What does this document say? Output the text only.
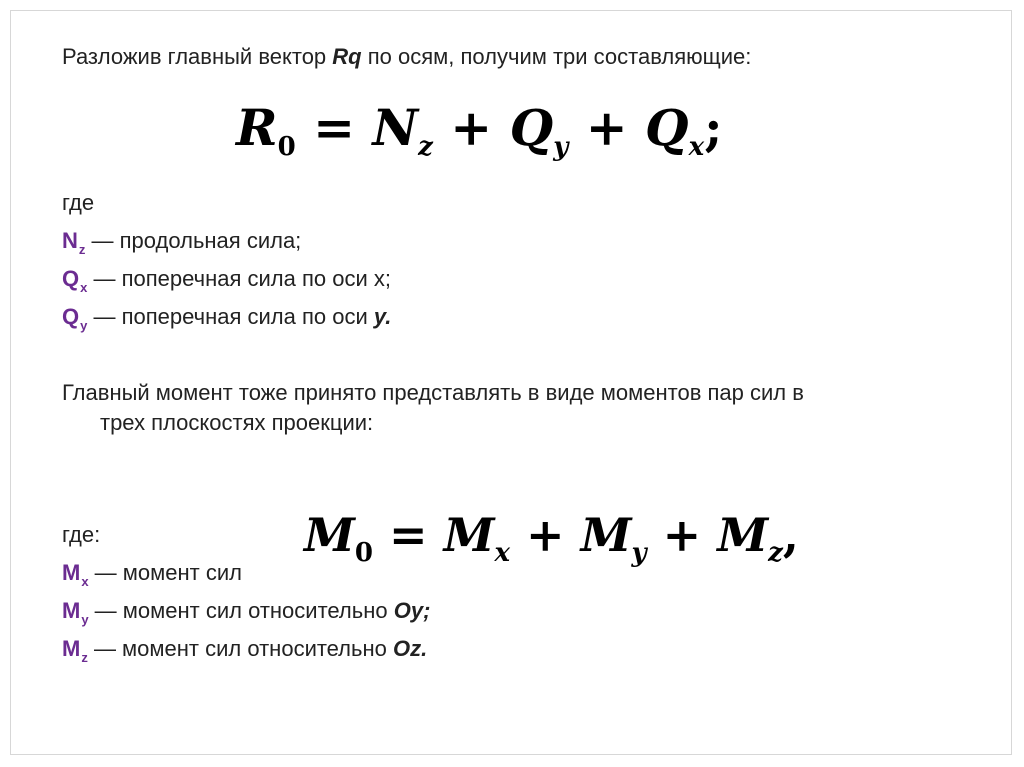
Разложив главный вектор Rq по осям, получим три составляющие:
$R_0 = N_z + Q_y + Q_x$;
где
$N_z$ — продольная сила;
$Q_x$ — поперечная сила по оси x;
$Q_y$ — поперечная сила по оси y.
Главный момент тоже принято представлять в виде моментов пар сил в
трех плоскостях проекции:
где:
$M_x$ — момент сил
$M_y$ — момент сил относительно Oy;
$M_z$ — момент сил относительно Oz.
$M_0 = M_x + M_y + M_z$,
